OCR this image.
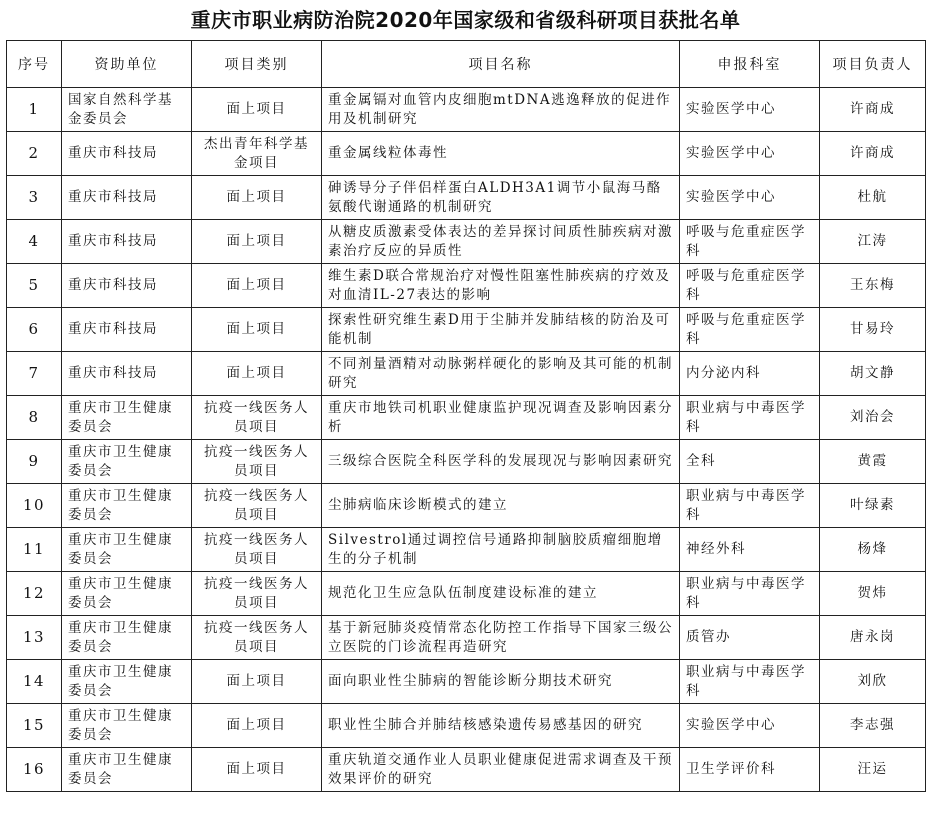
重庆市职业病防治院2020年国家级和省级科研项目获批名单
序号	资助单位	项目类别	项目名称	申报科室	项目负责人
1	国家自然科学基金委员会	面上项目	重金属镉对血管内皮细胞mtDNA逃逸释放的促进作用及机制研究	实验医学中心	许商成
2	重庆市科技局	杰出青年科学基金项目	重金属线粒体毒性	实验医学中心	许商成
3	重庆市科技局	面上项目	砷诱导分子伴侣样蛋白ALDH3A1调节小鼠海马酪氨酸代谢通路的机制研究	实验医学中心	杜航
4	重庆市科技局	面上项目	从糖皮质激素受体表达的差异探讨间质性肺疾病对激素治疗反应的异质性	呼吸与危重症医学科	江涛
5	重庆市科技局	面上项目	维生素D联合常规治疗对慢性阻塞性肺疾病的疗效及对血清IL-27表达的影响	呼吸与危重症医学科	王东梅
6	重庆市科技局	面上项目	探索性研究维生素D用于尘肺并发肺结核的防治及可能机制	呼吸与危重症医学科	甘易玲
7	重庆市科技局	面上项目	不同剂量酒精对动脉粥样硬化的影响及其可能的机制研究	内分泌内科	胡文静
8	重庆市卫生健康委员会	抗疫一线医务人员项目	重庆市地铁司机职业健康监护现况调查及影响因素分析	职业病与中毒医学科	刘治会
9	重庆市卫生健康委员会	抗疫一线医务人员项目	三级综合医院全科医学科的发展现况与影响因素研究	全科	黄霞
10	重庆市卫生健康委员会	抗疫一线医务人员项目	尘肺病临床诊断模式的建立	职业病与中毒医学科	叶绿素
11	重庆市卫生健康委员会	抗疫一线医务人员项目	Silvestrol通过调控信号通路抑制脑胶质瘤细胞增生的分子机制	神经外科	杨烽
12	重庆市卫生健康委员会	抗疫一线医务人员项目	规范化卫生应急队伍制度建设标准的建立	职业病与中毒医学科	贺炜
13	重庆市卫生健康委员会	抗疫一线医务人员项目	基于新冠肺炎疫情常态化防控工作指导下国家三级公立医院的门诊流程再造研究	质管办	唐永岗
14	重庆市卫生健康委员会	面上项目	面向职业性尘肺病的智能诊断分期技术研究	职业病与中毒医学科	刘欣
15	重庆市卫生健康委员会	面上项目	职业性尘肺合并肺结核感染遗传易感基因的研究	实验医学中心	李志强
16	重庆市卫生健康委员会	面上项目	重庆轨道交通作业人员职业健康促进需求调查及干预效果评价的研究	卫生学评价科	汪运
